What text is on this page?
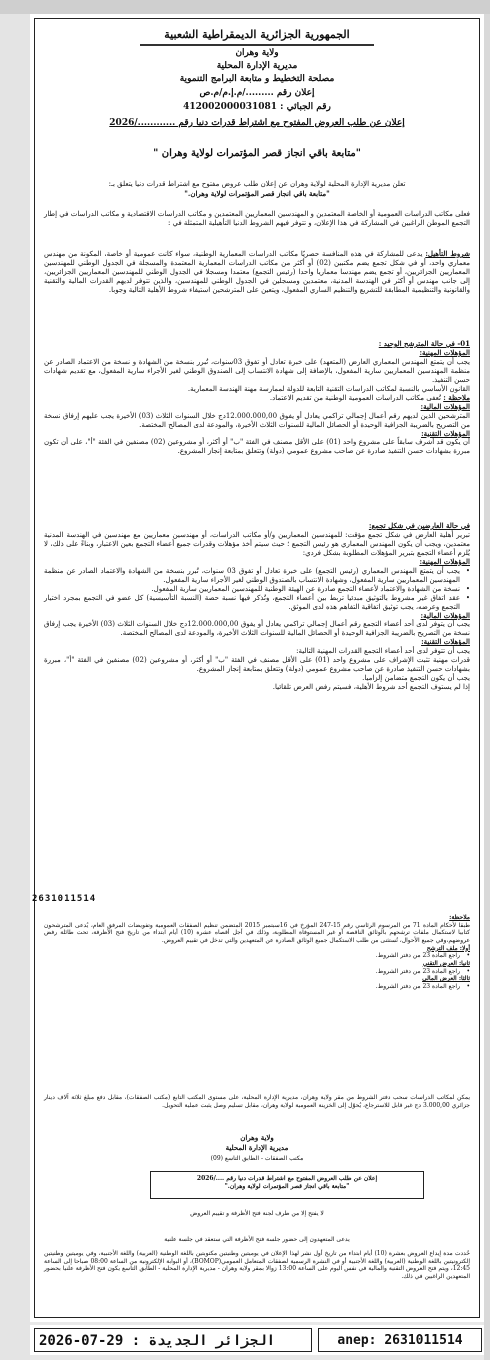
الجمهورية الجزائرية الديمقراطية الشعبية
ولاية وهران
مديرية الإدارة المحلية
مصلحة التخطيط و متابعة البرامج التنموية
إعلان رقم ........./م.إ.م/م.ص
رقم الجبائي : 412002000031081
إعلان عن طلب العروض المفتوح مع اشتراط قدرات دنيا رقم ............/2026
"متابعة باقي انجاز قصر المؤتمرات لولاية وهران "
تعلن مديرية الإدارة المحلية لولاية وهران عن إعلان طلب عروض مفتوح مع اشتراط قدرات دنيا يتعلق بـ:
"متابعة باقي انجاز قصر المؤتمرات لولاية وهران."
فعلى مكاتب الدراسات العمومية أو الخاصة المعتمدين و المهندسين المعماريين المعتمدين و مكاتب الدراسات الاقتصادية و مكاتب الدراسات في إطار التجمع الموطن الراغبين في المشاركة في هذا الإعلان، و تتوفر فيهم الشروط الدنيا التأهيلية المتمثلة في :
شروط التأهيل: يدعى للمشاركة في هذه المنافسة حصريًا مكاتب الدراسات المعمارية الوطنية، سواء كانت عمومية أو خاصة، المكونة من مهندس معماري واحد، أو في شكل تجمع يضم مكتبين (02) أو أكثر من مكاتب الدراسات المعمارية المعتمدة والمسجلة في الجدول الوطني للمهندسين المعماريين الجزائريين، أو تجمع يضم مهندسا معماريا واحدا (رئيس التجمع) معتمدا ومسجلا في الجدول الوطني للمهندسين المعماريين الجزائريين، إلى جانب مهندس أو أكثر في الهندسة المدنية، معتمدين ومسجلين في الجدول الوطني للمهندسين، والذين تتوفر لديهم القدرات المالية والتقنية والقانونية والتنظيمية المطابقة للتشريع والتنظيم الساري المفعول، ويتعين على المترشحين استيفاء شروط الأهلية التالية وجوبا.

01- في حالة المترشح الوحيد :

المؤهلات المهنية:

يجب أن يتمتع المهندس المعماري العارض (المتعهد) على خبرة تعادل أو تفوق 03سنوات، تُبرر بنسخة من الشهادة و نسخة من الاعتماد الصادر عن منظمة المهندسين المعماريين سارية المفعول، بالإضافة إلى شهادة الانتساب إلى الصندوق الوطني لغير الأجراء سارية المفعول، مع تقديم شهادات حسن التنفيذ.

القانون الأساسي بالنسبة لمكاتب الدراسات التقنية التابعة للدولة لممارسة مهنة الهندسة المعمارية.

ملاحظة : تُعفى مكاتب الدراسات العمومية الوطنية من تقديم الاعتماد.

المؤهلات المالية:

المترشحين الذين لديهم رقم أعمال إجمالي تراكمي يعادل أو يفوق 12.000.000,00دج خلال السنوات الثلاث (03) الأخيرة يجب عليهم إرفاق نسخة من التصريح بالضريبة الجزافية الوحيدة أو الحصائل المالية للسنوات الثلاث الأخيرة، والمودعة لدى المصالح المختصة.

المؤهلات التقنية:

أن يكون قد أشرف سابقاً على مشروع واحد (01) على الأقل مصنف في الفئة "ب" أو أكثر، أو مشروعين (02) مصنفين في الفئة "أ"، على أن تكون مبررة بشهادات حسن التنفيذ صادرة عن صاحب مشروع عمومي (دولة) وتتعلق بمتابعة إنجاز المشروع.

في حالة العارضين في شكل تجمع:

تبرير أهلية العارض في شكل تجمع مؤقت: للمهندسين المعماريين و/أو مكاتب الدراسات، أو مهندسين معماريين مع مهندسين في الهندسة المدنية معتمدين، ويجب أن يكون المهندس المعماري هو رئيس التجمع ؛ حيث سيتم أخذ مؤهلات وقدرات جميع أعضاء التجمع بعين الاعتبار، وبناءً على ذلك، لا يُلزم أعضاء التجمع بتبرير المؤهلات المطلوبة بشكل فردي:

المؤهلات المهنية:

• يجب أن يتمتع المهندس المعماري (رئيس التجمع) على خبرة تعادل أو تفوق 03 سنوات، تُبرر بنسخة من الشهادة والاعتماد الصادر عن منظمة المهندسين المعماريين سارية المفعول، وشهادة الانتساب بالصندوق الوطني لغير الأجراء سارية المفعول.

• نسخة من الشهادة والاعتماد لأعضاء التجمع صادرة عن الهيئة الوطنية للمهندسين المعماريين سارية المفعول.

• عقد اتفاق غير مشروط بالتوثيق مبدئيا تربط بين أعضاء التجمع، وتُذكر فيها نسبة حصة (النسبة التأسيسية) كل عضو في التجمع بمجرد اختيار التجمع وعرضه، يجب توثيق اتفاقية التفاهم هذه لدى الموثق.

المؤهلات المالية:

يجب أن يتوفر لدى أحد أعضاء التجمع رقم أعمال إجمالي تراكمي يعادل أو يفوق 12.000.000,00دج خلال السنوات الثلاث (03) الأخيرة يجب إرفاق نسخة من التصريح بالضريبة الجزافية الوحيدة أو الحصائل المالية للسنوات الثلاث الأخيرة، والمودعة لدى المصالح المختصة.

المؤهلات التقنية:

يجب أن تتوفر لدى أحد أعضاء التجمع القدرات المهنية التالية:

قدرات مهنية تثبت الإشراف على مشروع واحد (01) على الأقل مصنف في الفئة "ب" أو أكثر، أو مشروعين (02) مصنفين في الفئة "أ"، مبررة بشهادات حسن التنفيذ صادرة عن صاحب مشروع عمومي (دولة) وتتعلق بمتابعة إنجاز المشروع.

يجب أن يكون التجمع متضامن إلزاميا.

إذا لم يستوف التجمع أحد شروط الأهلية، فسيتم رفض العرض تلقائيا.

2631011514

ملاحظة:

طبقا لأحكام المادة 71 من المرسوم الرئاسي رقم 15-247 المؤرخ في 16سبتمبر 2015 المتضمن تنظيم الصفقات العمومية وتفويضات المرفق العام، يُدعى المترشحون كتابيا لاستكمال ملفات ترشحهم بالوثائق الناقصة أو غير المستوفاة المطلوبة، وذلك في أجل أقصاه عشرة (10) أيام ابتداء من تاريخ فتح الأظرفة، تحت طائلة رفض عروضهم،وفي جميع الأحوال، تُستثنى من طلب الاستكمال جميع الوثائق الصادرة عن المتعهدين والتي تدخل في تقييم العروض.

أولا: ملف الترشح

• راجع المادة 23 من دفتر الشروط.

ثانيا: العرض التقني

• راجع المادة 23 من دفتر الشروط.

ثالثا: العرض المالي

• راجع المادة 23 من دفتر الشروط.

يمكن لمكاتب الدراسات سحب دفتر الشروط من مقر ولاية وهران، مديرية الإدارة المحلية، على مستوى المكتب التابع (مكتب الصفقات)، مقابل دفع مبلغ ثلاثة آلاف دينار جزائري 3.000,00 دج غير قابل للاسترجاع، يُحوّل إلى الخزينة العمومية لولاية وهران، مقابل تسليم وصل يثبت عملية التحويل.
ولاية وهران
مديرية الإدارة المحلية
مكتب الصفقات - الطابق التاسع (09)
إعلان عن طلب العروض المفتوح مع اشتراط قدرات دنيا رقم ..../2026
"متابعة باقي انجاز قصر المؤتمرات لولاية وهران."
لا يفتح إلا من طرف لجنة فتح الأظرفة و تقييم العروض
يدعى المتعهدون إلى حضور جلسة فتح الأظرفة التي ستعقد في جلسة علنية
حُددت مدة إيداع العروض بعشرة (10) أيام ابتداء من تاريخ أول نشر لهذا الإعلان في يوميتين وطنيتين مكتوبتين باللغة الوطنية (العربية) واللغة الأجنبية، وفي يوميتين وطنيتين إلكترونيتين باللغة الوطنية (العربية) واللغة الأجنبية أو في النشرة الرسمية لصفقات المتعامل العمومي(BOMOP)، أو البوابة الإلكترونية من الساعة 08:00 صباحا إلى الساعة 12:45، ويتم فتح العروض التقنية والمالية في نفس اليوم على الساعة 13:00 زوالا بمقر ولاية وهران - مديرية الإدارة المحلية - الطابق التاسع يكون فتح الأظرفة علنيا بحضور المتعهدين الراغبين في ذلك.
2026-07-29 : الجزائر الجديدة	anep: 2631011514
